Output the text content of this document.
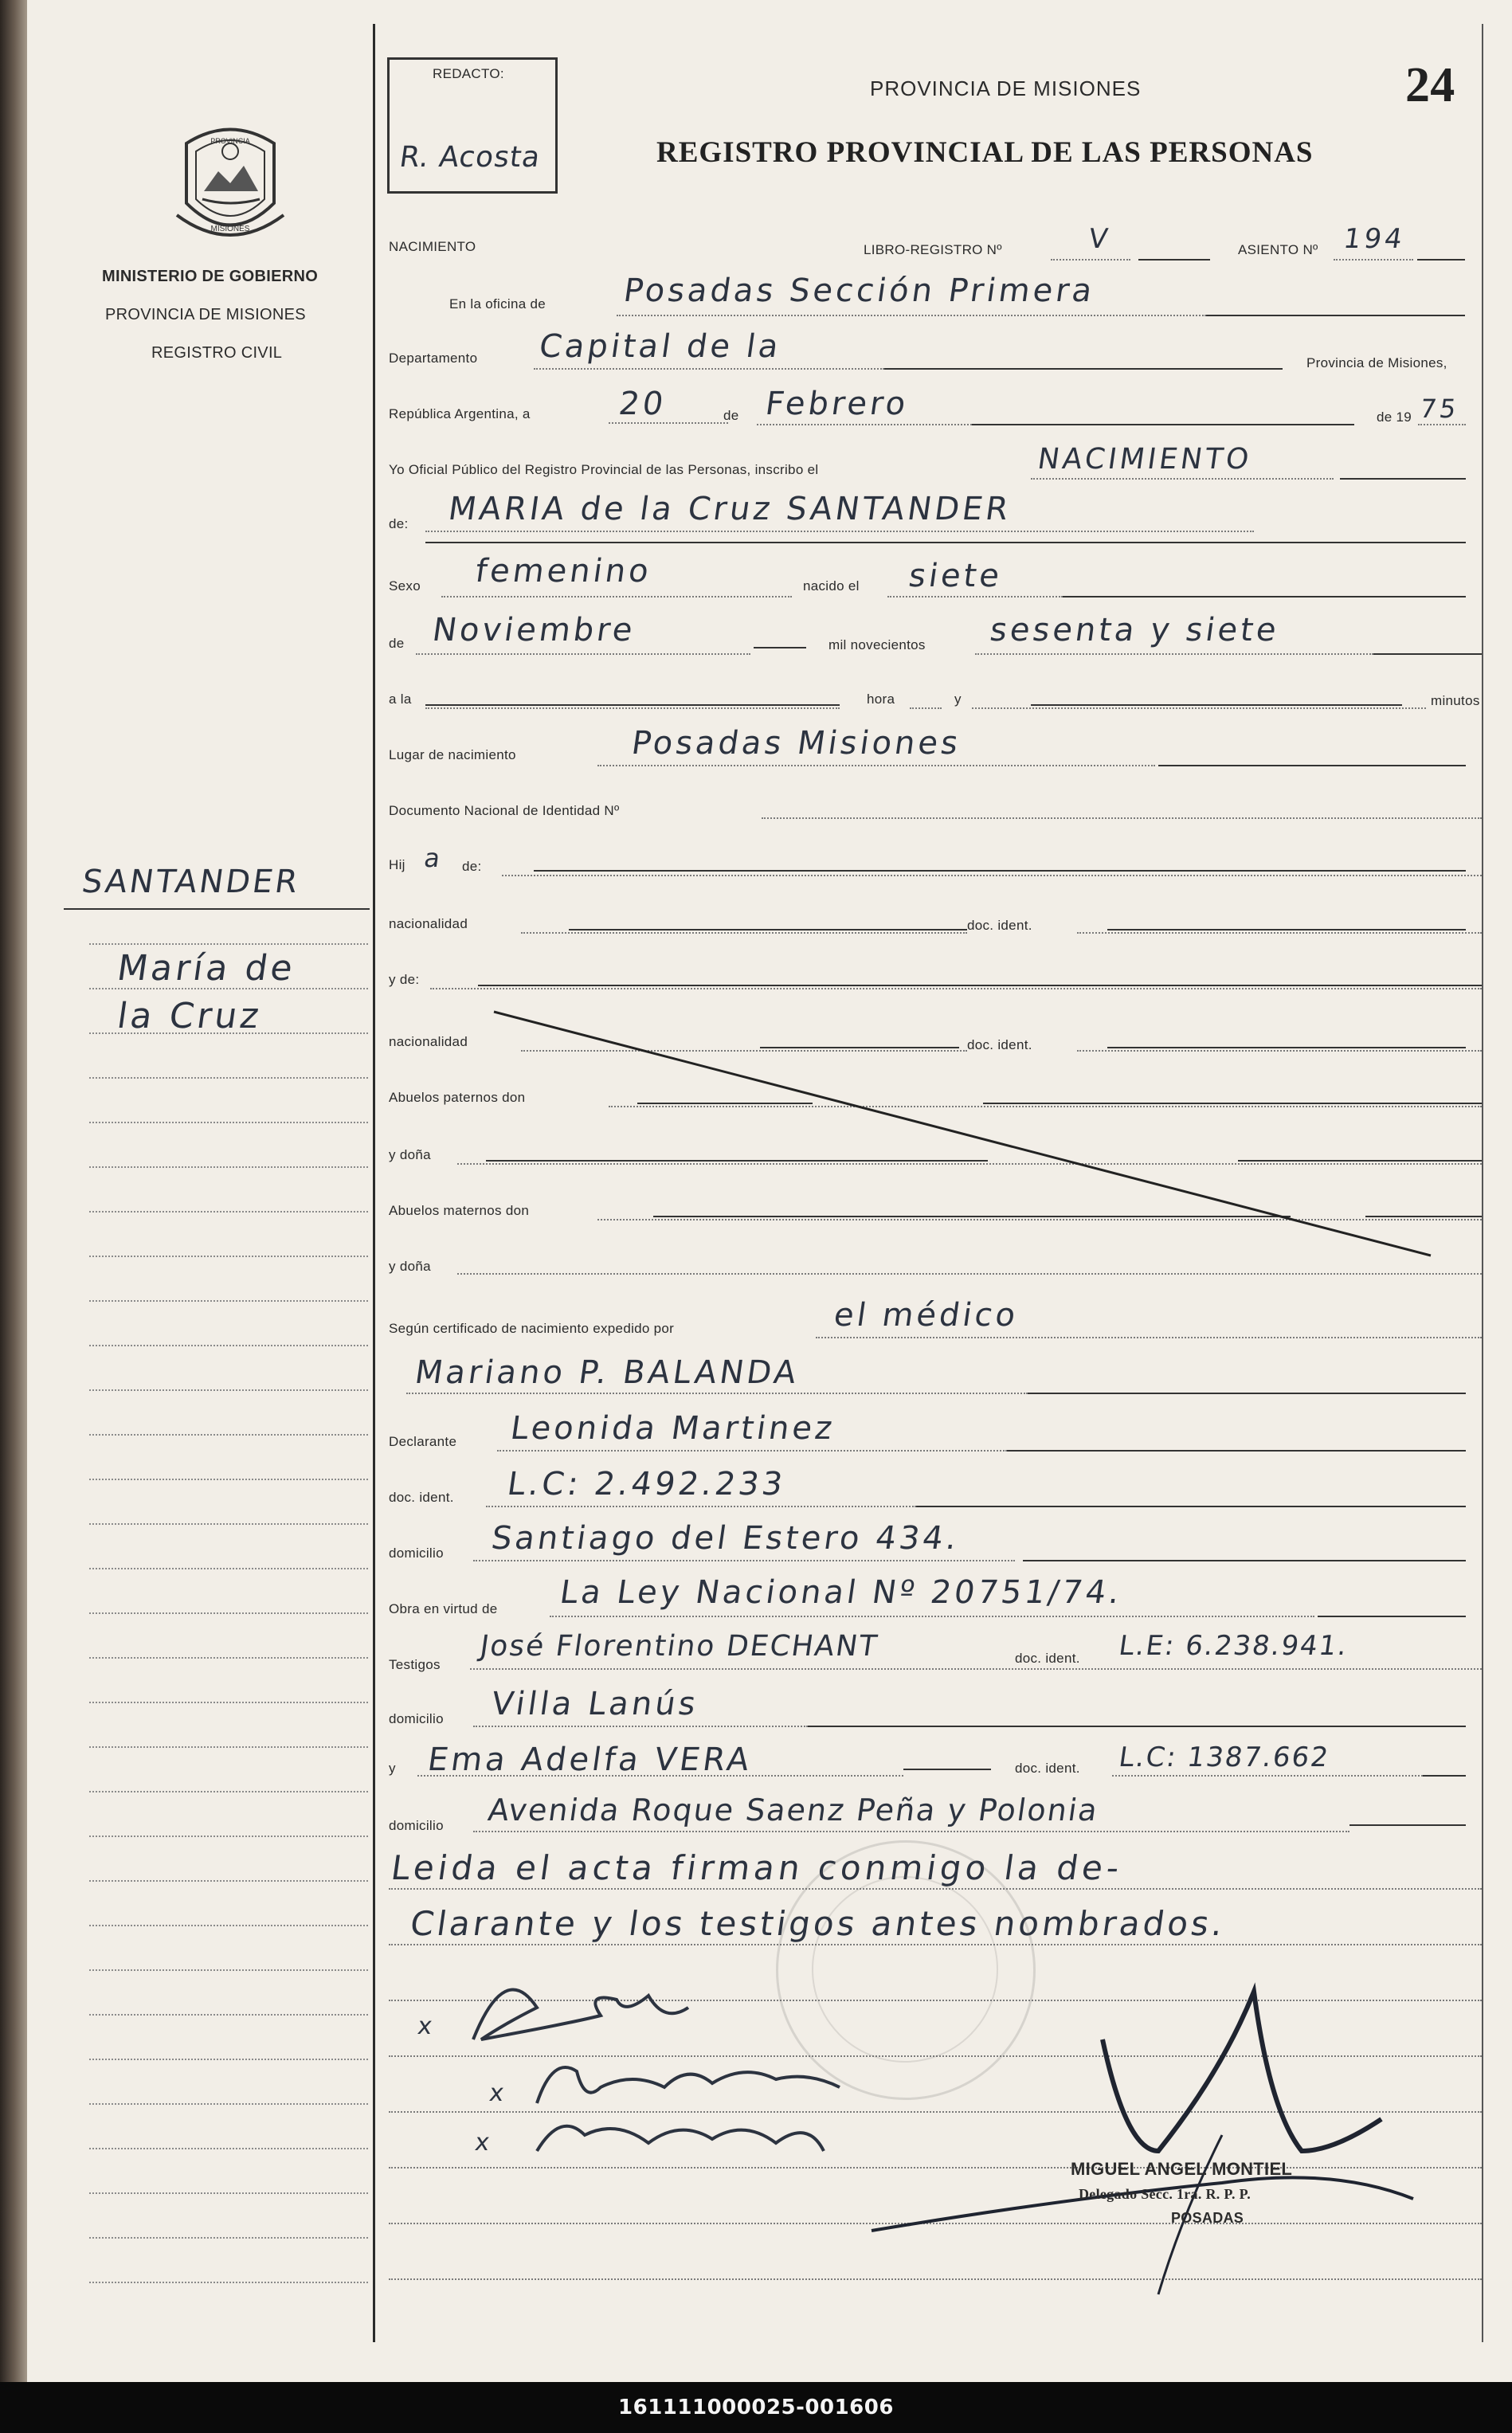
PROVINCIA
MISIONES
MINISTERIO DE GOBIERNO
PROVINCIA DE MISIONES
REGISTRO CIVIL
REDACTO:
R. Acosta
PROVINCIA DE MISIONES
REGISTRO PROVINCIAL DE LAS PERSONAS
24
NACIMIENTO	LIBRO-REGISTRO Nº	V	ASIENTO Nº 194
En la oficina de Posadas Sección Primera
Departamento Capital de la	Provincia de Misiones,
República Argentina, a	20	de Febrero	de 19 75
Yo Oficial Público del Registro Provincial de las Personas, inscribo el	NACIMIENTO
de: MARIA de la Cruz SANTANDER
Sexo femenino	nacido el siete
de Noviembre	mil novecientos sesenta y siete
a la	hora	y	minutos
Lugar de nacimiento	Posadas Misiones
Documento Nacional de Identidad Nº
Hij a de:
nacionalidad	doc. ident.
y de:
nacionalidad	doc. ident.
Abuelos paternos don
y doña
Abuelos maternos don
y doña
Según certificado de nacimiento expedido por	el médico
Mariano P. BALANDA
Declarante Leonida Martinez
doc. ident. L.C: 2.492.233
domicilio Santiago del Estero 434.
Obra en virtud de La Ley Nacional Nº 20751/74.
Testigos
José Florentino DECHANT	doc. ident. L.E: 6.238.941.
domicilio Villa Lanús
y Ema Adelfa VERA	doc. ident. L.C: 1387.662
domicilio Avenida Roque Saenz Peña y Polonia
Leida el acta firman conmigo la de-
Clarante y los testigos antes nombrados.
x
x
x
MIGUEL ANGEL MONTIEL
Delegado Secc. 1ra. R. P. P.
POSADAS
SANTANDER
María de
la Cruz
161111000025-001606
